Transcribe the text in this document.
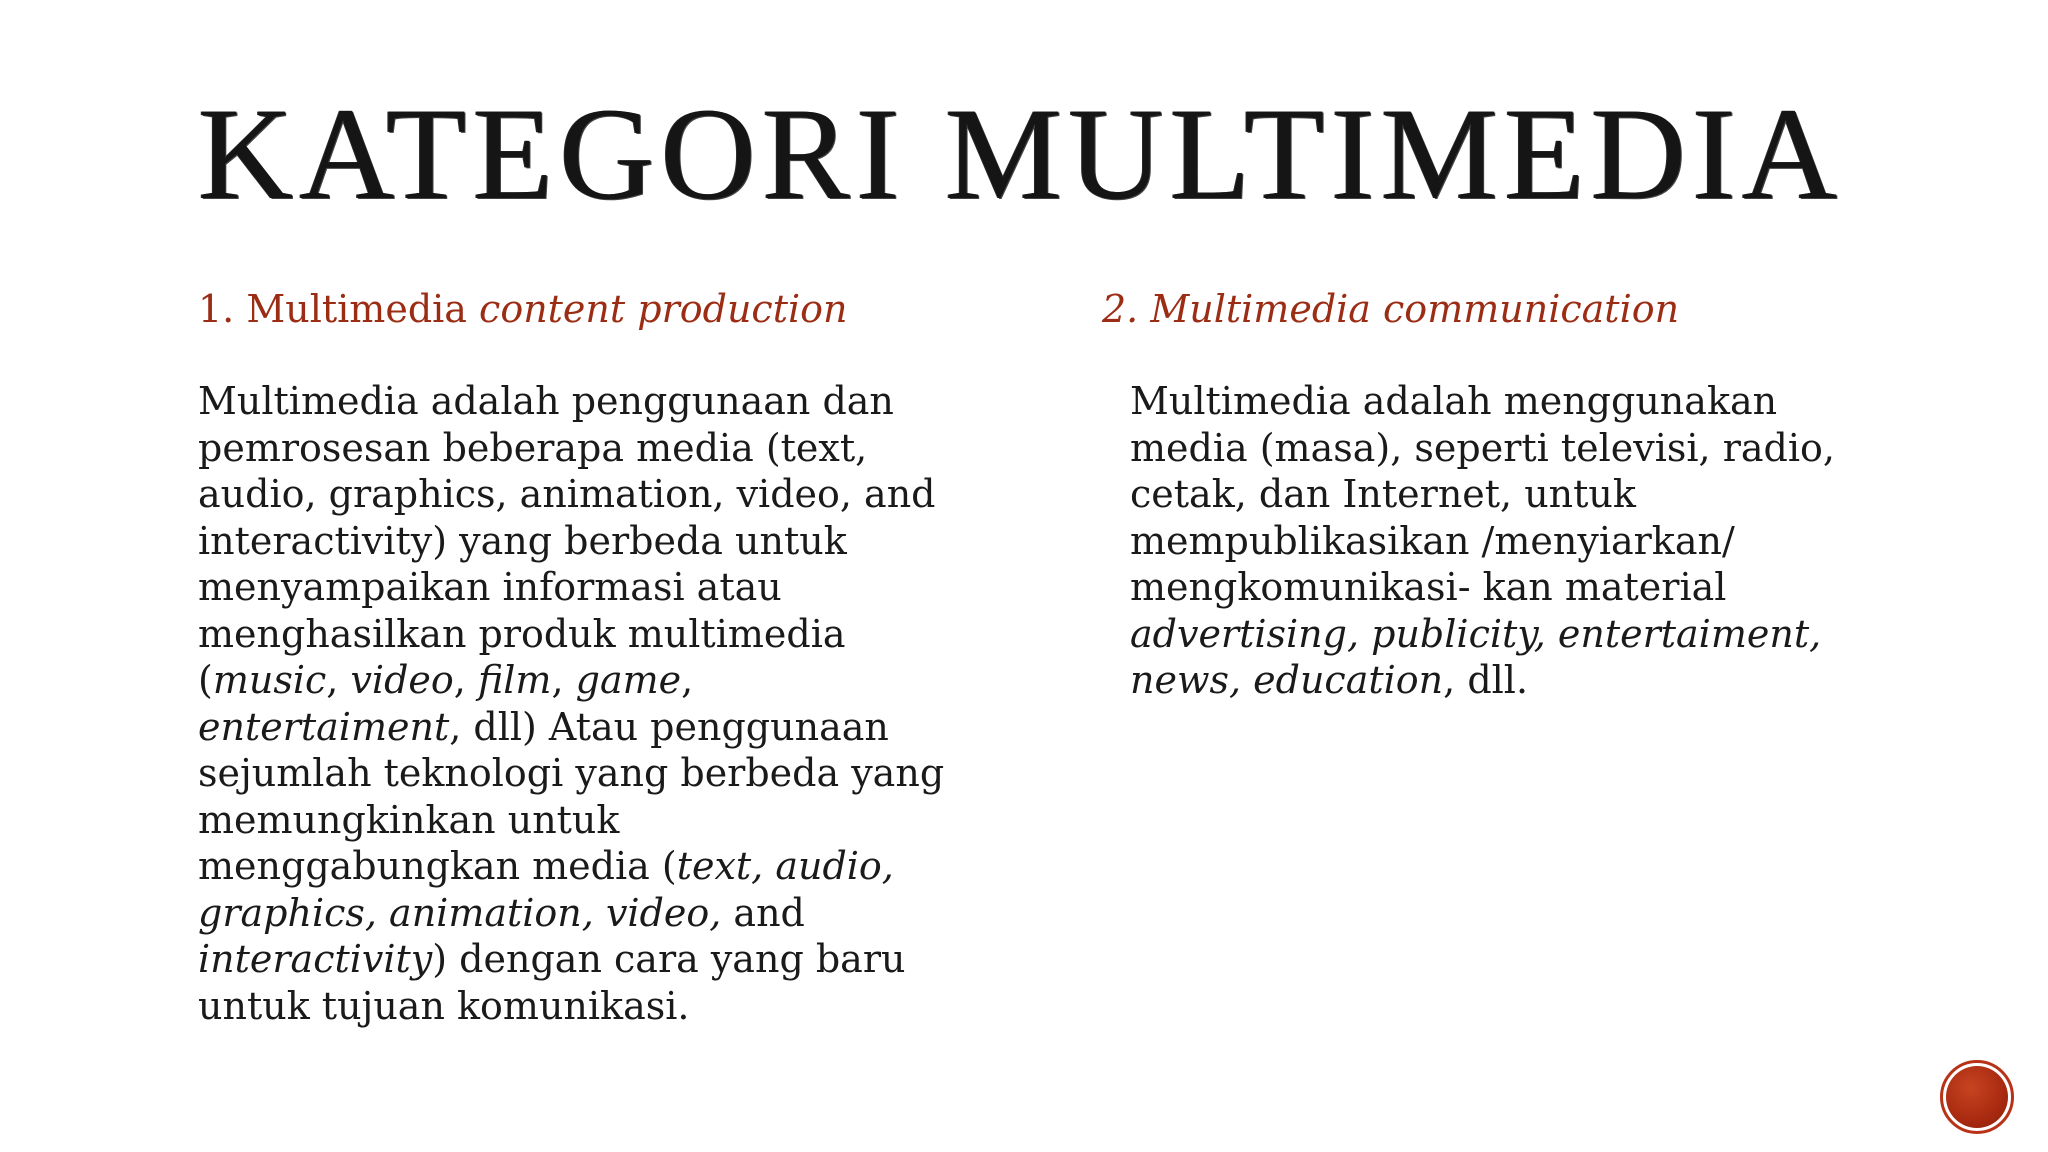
KATEGORI MULTIMEDIA
1. Multimedia content production	2. Multimedia communication
Multimedia adalah penggunaan dan
pemrosesan beberapa media (text,
audio, graphics, animation, video, and
interactivity) yang berbeda untuk
menyampaikan informasi atau
menghasilkan produk multimedia
(music, video, film, game,
entertaiment, dll) Atau penggunaan
sejumlah teknologi yang berbeda yang
memungkinkan untuk
menggabungkan media (text, audio,
graphics, animation, video, and
interactivity) dengan cara yang baru
untuk tujuan komunikasi.
Multimedia adalah menggunakan
media (masa), seperti televisi, radio,
cetak, dan Internet, untuk
mempublikasikan /menyiarkan/
mengkomunikasi- kan material
advertising, publicity, entertaiment,
news, education, dll.
